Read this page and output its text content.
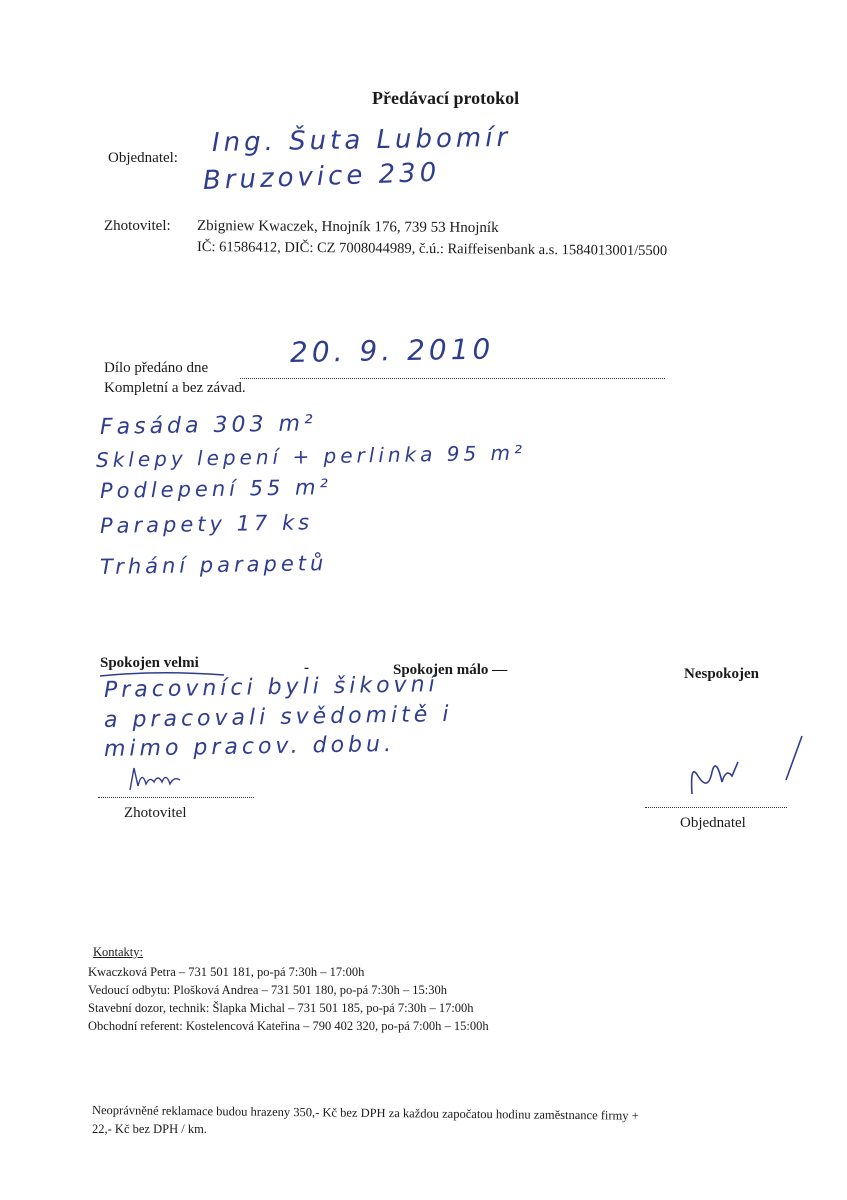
Předávací protokol
Objednatel:
Ing. Šuta Lubomír
Bruzovice 230
Zhotovitel: Zbigniew Kwaczek, Hnojník 176, 739 53 Hnojník
IČ: 61586412, DIČ: CZ 7008044989, č.ú.: Raiffeisenbank a.s. 1584013001/5500
Dílo předáno dne	20. 9. 2010
Kompletní a bez závad.
Fasáda 303 m²
Sklepy lepení + perlinka 95 m²
Podlepení 55 m²
Parapety 17 ks
Trhání parapetů
Spokojen velmi	-	Spokojen málo —	Nespokojen
Pracovníci byli šikovní
a pracovali svědomitě i
mimo pracov. dobu.
Zhotovitel
Objednatel
Kontakty:
Kwaczková Petra – 731 501 181, po-pá 7:30h – 17:00h
Vedoucí odbytu: Plošková Andrea – 731 501 180, po-pá 7:30h – 15:30h
Stavební dozor, technik: Šlapka Michal – 731 501 185, po-pá 7:30h – 17:00h
Obchodní referent: Kostelencová Kateřina – 790 402 320, po-pá 7:00h – 15:00h
Neoprávněné reklamace budou hrazeny 350,- Kč bez DPH za každou započatou hodinu zaměstnance firmy +
22,- Kč bez DPH / km.
